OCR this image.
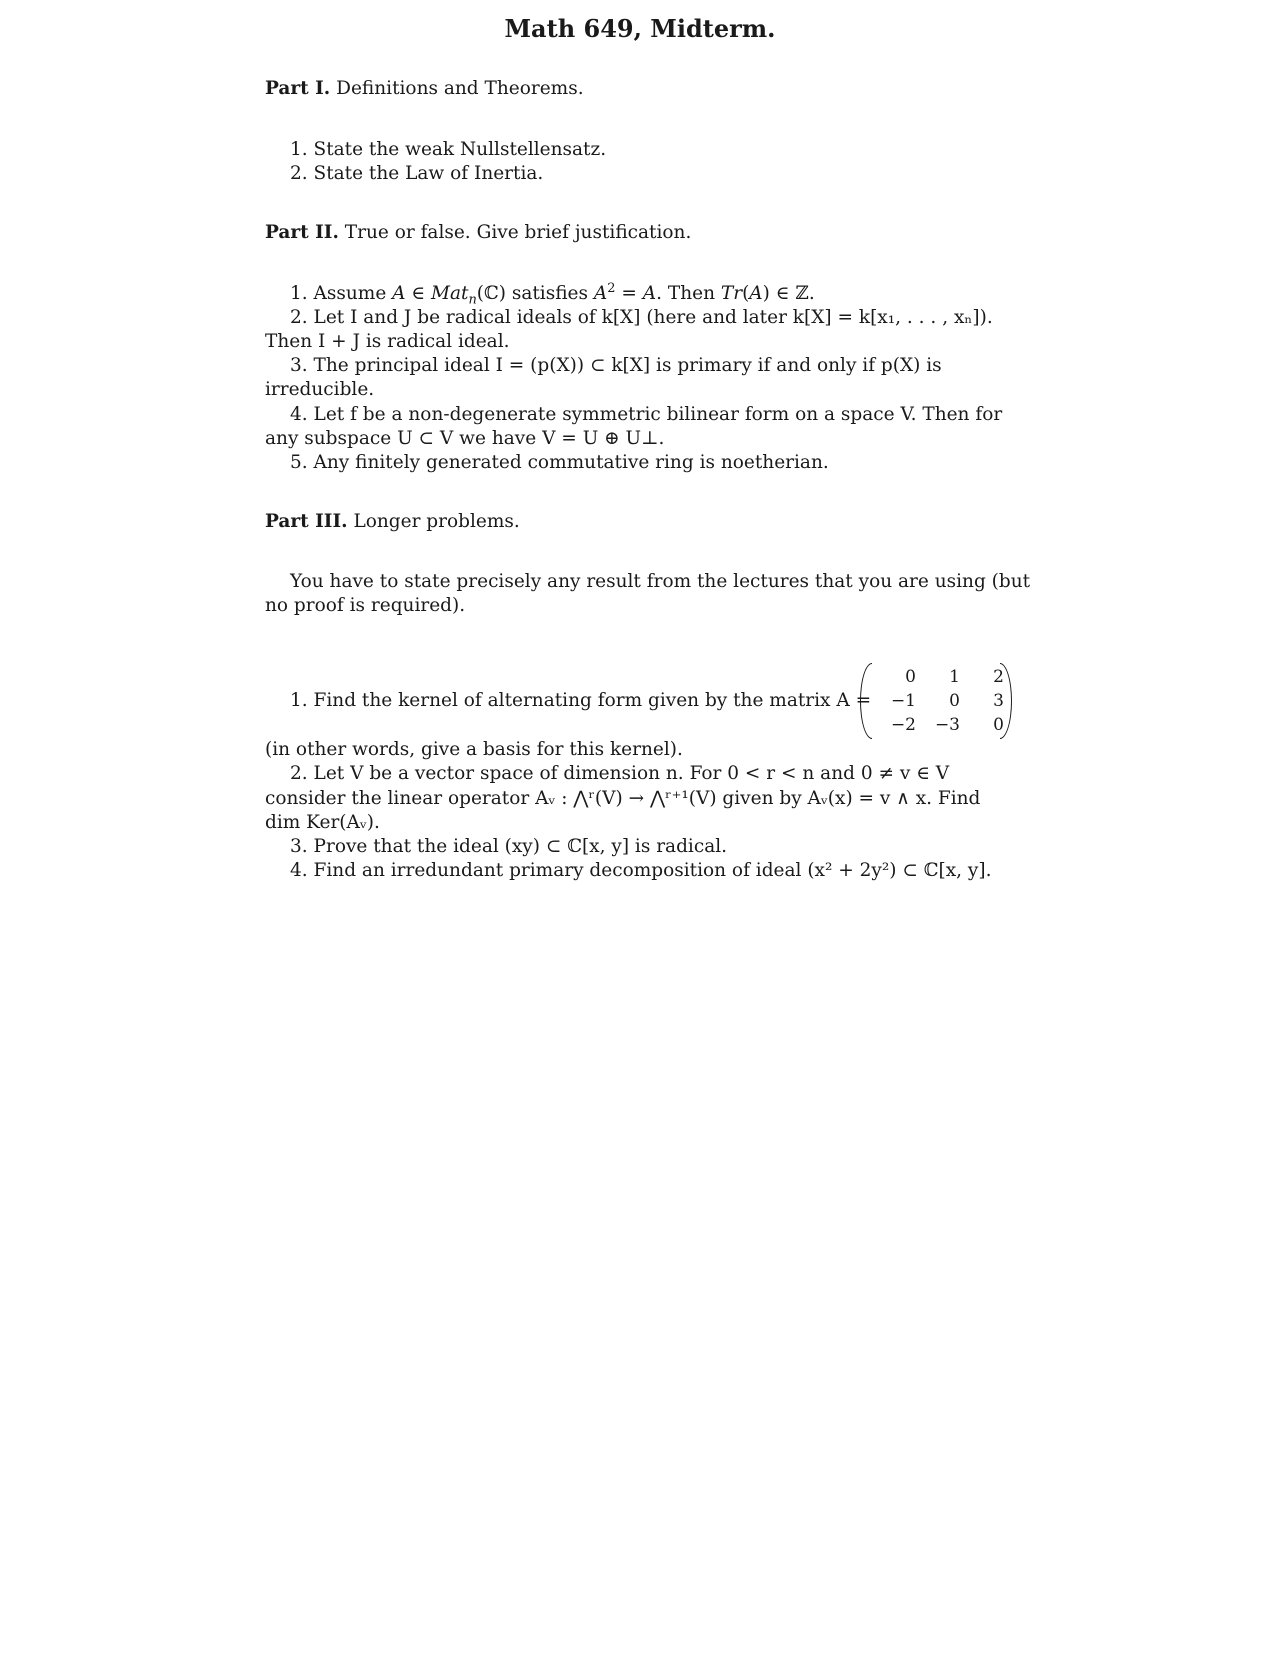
Math 649, Midterm.
Part I. Definitions and Theorems.
1. State the weak Nullstellensatz.
2. State the Law of Inertia.
Part II. True or false. Give brief justification.
1. Assume A ∈ Mat$_n$(ℂ) satisfies $A^2 = A$. Then Tr(A) ∈ ℤ.
2. Let I and J be radical ideals of k[X] (here and later k[X] = k[x₁, . . . , xₙ]).
Then I + J is radical ideal.
3. The principal ideal I = (p(X)) ⊂ k[X] is primary if and only if p(X) is
irreducible.
4. Let f be a non-degenerate symmetric bilinear form on a space V. Then for
any subspace U ⊂ V we have V = U ⊕ U⊥.
5. Any finitely generated commutative ring is noetherian.
Part III. Longer problems.
You have to state precisely any result from the lectures that you are using (but
no proof is required).
1. Find the kernel of alternating form given by the matrix A =
0	1	2
−1	0	3
−2	−3	0
(in other words, give a basis for this kernel).
2. Let V be a vector space of dimension n. For 0 < r < n and 0 ≠ v ∈ V
consider the linear operator Aᵥ : ⋀ʳ(V) → ⋀ʳ⁺¹(V) given by Aᵥ(x) = v ∧ x. Find
dim Ker(Aᵥ).
3. Prove that the ideal (xy) ⊂ ℂ[x, y] is radical.
4. Find an irredundant primary decomposition of ideal (x² + 2y²) ⊂ ℂ[x, y].
